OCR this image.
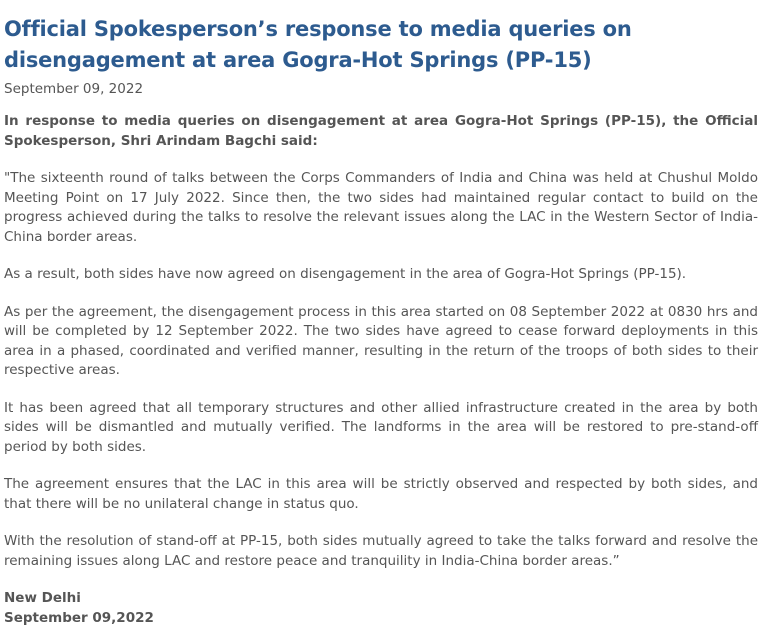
Official Spokesperson’s response to media queries on disengagement at area Gogra-Hot Springs (PP-15)
September 09, 2022

In response to media queries on disengagement at area Gogra-Hot Springs (PP-15), the Official Spokesperson, Shri Arindam Bagchi said:

"The sixteenth round of talks between the Corps Commanders of India and China was held at Chushul Moldo Meeting Point on 17 July 2022. Since then, the two sides had maintained regular contact to build on the progress achieved during the talks to resolve the relevant issues along the LAC in the Western Sector of India-China border areas.

As a result, both sides have now agreed on disengagement in the area of Gogra-Hot Springs (PP-15).

As per the agreement, the disengagement process in this area started on 08 September 2022 at 0830 hrs and will be completed by 12 September 2022. The two sides have agreed to cease forward deployments in this area in a phased, coordinated and verified manner, resulting in the return of the troops of both sides to their respective areas.

It has been agreed that all temporary structures and other allied infrastructure created in the area by both sides will be dismantled and mutually verified. The landforms in the area will be restored to pre-stand-off period by both sides.

The agreement ensures that the LAC in this area will be strictly observed and respected by both sides, and that there will be no unilateral change in status quo.

With the resolution of stand-off at PP-15, both sides mutually agreed to take the talks forward and resolve the remaining issues along LAC and restore peace and tranquility in India-China border areas.”

New Delhi
September 09,2022
